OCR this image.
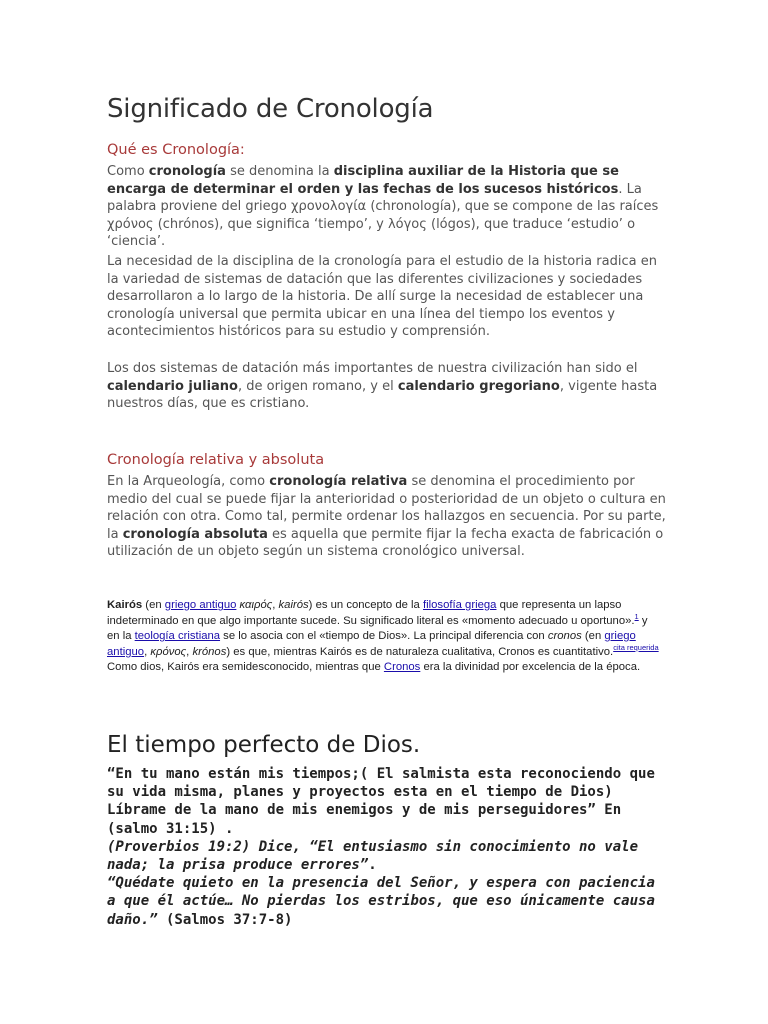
Significado de Cronología
Qué es Cronología:

Como cronología se denomina la disciplina auxiliar de la Historia que se encarga de determinar el orden y las fechas de los sucesos históricos. La palabra proviene del griego χρονολογία (chronología), que se compone de las raíces χρόνος (chrónos), que significa ‘tiempo’, y λόγος (lógos), que traduce ‘estudio’ o ‘ciencia’.

La necesidad de la disciplina de la cronología para el estudio de la historia radica en la variedad de sistemas de datación que las diferentes civilizaciones y sociedades desarrollaron a lo largo de la historia. De allí surge la necesidad de establecer una cronología universal que permita ubicar en una línea del tiempo los eventos y acontecimientos históricos para su estudio y comprensión.

Los dos sistemas de datación más importantes de nuestra civilización han sido el calendario juliano, de origen romano, y el calendario gregoriano, vigente hasta nuestros días, que es cristiano.

Cronología relativa y absoluta

En la Arqueología, como cronología relativa se denomina el procedimiento por medio del cual se puede fijar la anterioridad o posterioridad de un objeto o cultura en relación con otra. Como tal, permite ordenar los hallazgos en secuencia. Por su parte, la cronología absoluta es aquella que permite fijar la fecha exacta de fabricación o utilización de un objeto según un sistema cronológico universal.

Kairós (en griego antiguo καιρός, kairós) es un concepto de la filosofía griega que representa un lapso indeterminado en que algo importante sucede. Su significado literal es «momento adecuado u oportuno».$^1$ y en la teología cristiana se lo asocia con el «tiempo de Dios». La principal diferencia con cronos (en griego antiguo, κρόνος, krónos) es que, mientras Kairós es de naturaleza cualitativa, Cronos es cuantitativo.$^{cita requerida}$ Como dios, Kairós era semidesconocido, mientras que Cronos era la divinidad por excelencia de la época.

El tiempo perfecto de Dios.

“En tu mano están mis tiempos;( El salmista esta reconociendo que su vida misma, planes y proyectos esta en el tiempo de Dios) Líbrame de la mano de mis enemigos y de mis perseguidores” En (salmo 31:15) .
(Proverbios 19:2) Dice, “El entusiasmo sin conocimiento no vale nada; la prisa produce errores”.
“Quédate quieto en la presencia del Señor, y espera con paciencia a que él actúe… No pierdas los estribos, que eso únicamente causa daño.” (Salmos 37:7-8)
